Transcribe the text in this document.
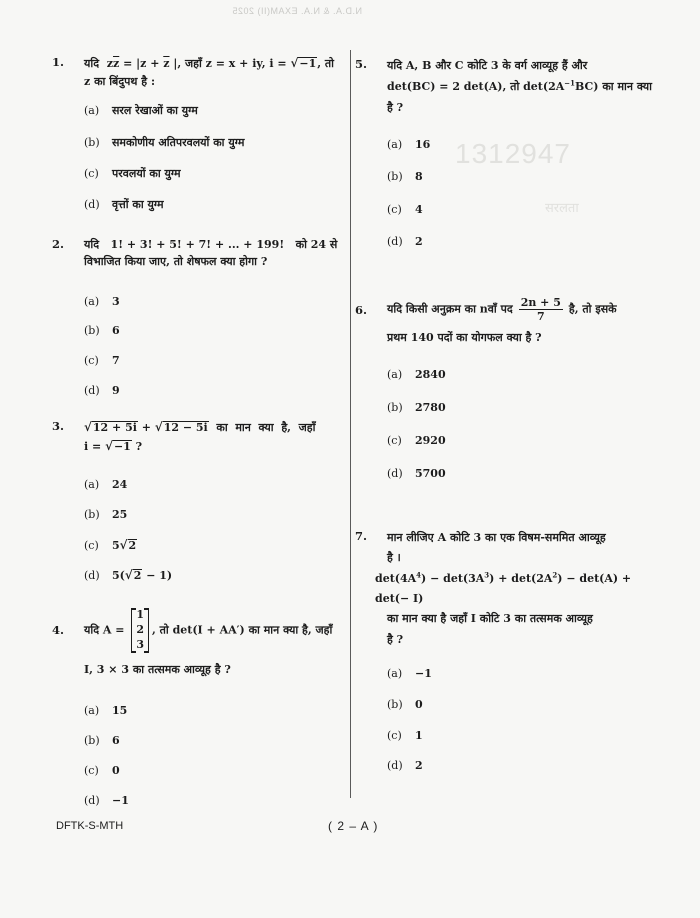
N.D.A. & N.A. EXAM(II) 2025
1312947
सरलता
1. यदि $z\overline{z} = |z + \overline{z}$ |, जहाँ z = x + iy, i = √−1, तो
z का बिंदुपथ है :
(a) सरल रेखाओं का युग्म
(b) समकोणीय अतिपरवलयों का युग्म
(c) परवलयों का युग्म
(d) वृत्तों का युग्म
2. यदि   1! + 3! + 5! + 7! + ... + 199!   को 24 से
विभाजित किया जाए, तो शेषफल क्या होगा ?
(a) 3
(b) 6
(c) 7
(d) 9
3. √12 + 5i + √12 − 5i  का  मान  क्या  है,  जहाँ
i = √−1 ?
(a) 24
(b) 25
(c) 5√2
(d) 5(√2 − 1)
4. यदि A =
1
2
3
, तो det(I + AA′) का मान क्या है, जहाँ
I, 3 × 3 का तत्समक आव्यूह है ?
(a) 15
(b) 6
(c) 0
(d) −1
5. यदि A, B और C कोटि 3 के वर्ग आव्यूह हैं और
det(BC) = 2 det(A), तो $\det(2A^{-1}BC)$ का मान क्या
है ?
(a) 16
(b) 8
(c) 4
(d) 2
6. यदि किसी अनुक्रम का nवाँ पद $\frac{2n + 5}{7}$ है, तो इसके
प्रथम 140 पदों का योगफल क्या है ?
(a) 2840
(b) 2780
(c) 2920
(d) 5700
7. मान लीजिए A कोटि 3 का एक विषम-सममित आव्यूह
है ।
$\det(4A^4) - \det(3A^3) + \det(2A^2) - \det(A) + \det(- I)$
का मान क्या है जहाँ I कोटि 3 का तत्समक आव्यूह
है ?
(a) −1
(b) 0
(c) 1
(d) 2
DFTK-S-MTH	( 2 – A )
